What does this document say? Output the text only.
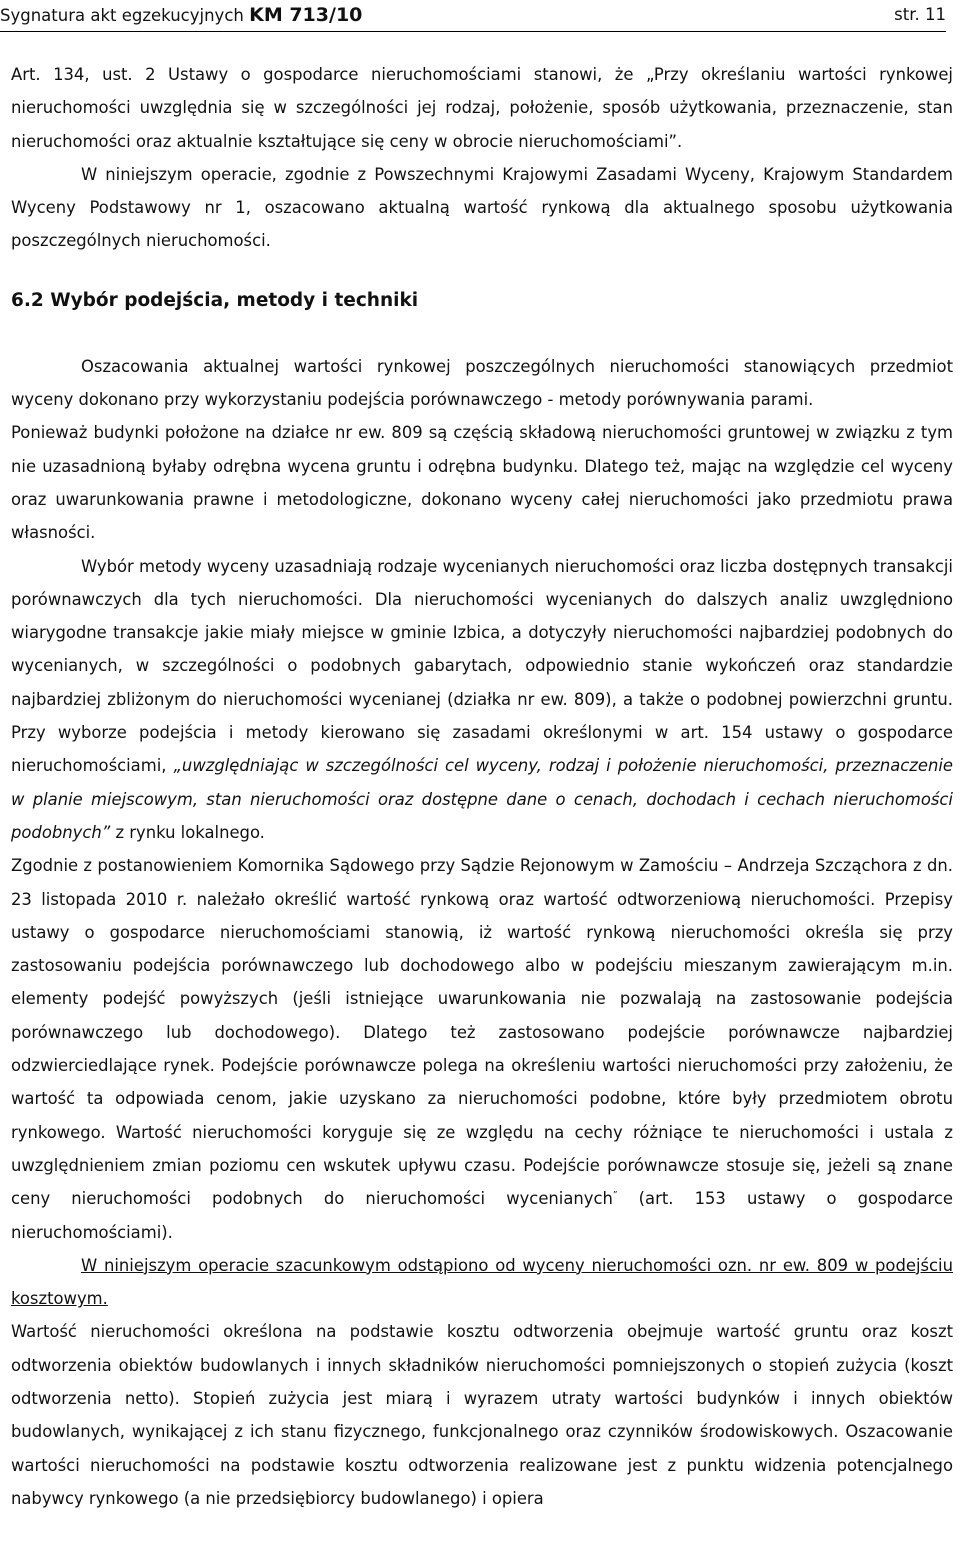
Sygnatura akt egzekucyjnych KM 713/10	str. 11

Art. 134, ust. 2 Ustawy o gospodarce nieruchomościami stanowi, że „Przy określaniu wartości rynkowej nieruchomości uwzględnia się w szczególności jej rodzaj, położenie, sposób użytkowania, przeznaczenie, stan nieruchomości oraz aktualnie kształtujące się ceny w obrocie nieruchomościami”.

W niniejszym operacie, zgodnie z Powszechnymi Krajowymi Zasadami Wyceny, Krajowym Standardem Wyceny Podstawowy nr 1, oszacowano aktualną wartość rynkową dla aktualnego sposobu użytkowania poszczególnych nieruchomości.

6.2 Wybór podejścia, metody i techniki

Oszacowania aktualnej wartości rynkowej poszczególnych nieruchomości stanowiących przedmiot wyceny dokonano przy wykorzystaniu podejścia porównawczego - metody porównywania parami.

Ponieważ budynki położone na działce nr ew. 809 są częścią składową nieruchomości gruntowej w związku z tym nie uzasadnioną byłaby odrębna wycena gruntu i odrębna budynku. Dlatego też, mając na względzie cel wyceny oraz uwarunkowania prawne i metodologiczne, dokonano wyceny całej nieruchomości jako przedmiotu prawa własności.

Wybór metody wyceny uzasadniają rodzaje wycenianych nieruchomości oraz liczba dostępnych transakcji porównawczych dla tych nieruchomości. Dla nieruchomości wycenianych do dalszych analiz uwzględniono wiarygodne transakcje jakie miały miejsce w gminie Izbica, a dotyczyły nieruchomości najbardziej podobnych do wycenianych, w szczególności o podobnych gabarytach, odpowiednio stanie wykończeń oraz standardzie najbardziej zbliżonym do nieruchomości wycenianej (działka nr ew. 809), a także o podobnej powierzchni gruntu. Przy wyborze podejścia i metody kierowano się zasadami określonymi w art. 154 ustawy o gospodarce nieruchomościami, „uwzględniając w szczególności cel wyceny, rodzaj i położenie nieruchomości, przeznaczenie w planie miejscowym, stan nieruchomości oraz dostępne dane o cenach, dochodach i cechach nieruchomości podobnych” z rynku lokalnego.

Zgodnie z postanowieniem Komornika Sądowego przy Sądzie Rejonowym w Zamościu – Andrzeja Szcząchora z dn. 23 listopada 2010 r. należało określić wartość rynkową oraz wartość odtworzeniową nieruchomości. Przepisy ustawy o gospodarce nieruchomościami stanowią, iż wartość rynkową nieruchomości określa się przy zastosowaniu podejścia porównawczego lub dochodowego albo w podejściu mieszanym zawierającym m.in. elementy podejść powyższych (jeśli istniejące uwarunkowania nie pozwalają na zastosowanie podejścia porównawczego lub dochodowego). Dlatego też zastosowano podejście porównawcze najbardziej odzwierciedlające rynek. Podejście porównawcze polega na określeniu wartości nieruchomości przy założeniu, że wartość ta odpowiada cenom, jakie uzyskano za nieruchomości podobne, które były przedmiotem obrotu rynkowego. Wartość nieruchomości koryguje się ze względu na cechy różniące te nieruchomości i ustala z uwzględnieniem zmian poziomu cen wskutek upływu czasu. Podejście porównawcze stosuje się, jeżeli są znane ceny nieruchomości podobnych do nieruchomości wycenianych” (art. 153 ustawy o gospodarce nieruchomościami).

W niniejszym operacie szacunkowym odstąpiono od wyceny nieruchomości ozn. nr ew. 809 w podejściu kosztowym.

Wartość nieruchomości określona na podstawie kosztu odtworzenia obejmuje wartość gruntu oraz koszt odtworzenia obiektów budowlanych i innych składników nieruchomości pomniejszonych o stopień zużycia (koszt odtworzenia netto). Stopień zużycia jest miarą i wyrazem utraty wartości budynków i innych obiektów budowlanych, wynikającej z ich stanu fizycznego, funkcjonalnego oraz czynników środowiskowych. Oszacowanie wartości nieruchomości na podstawie kosztu odtworzenia realizowane jest z punktu widzenia potencjalnego nabywcy rynkowego (a nie przedsiębiorcy budowlanego) i opiera
